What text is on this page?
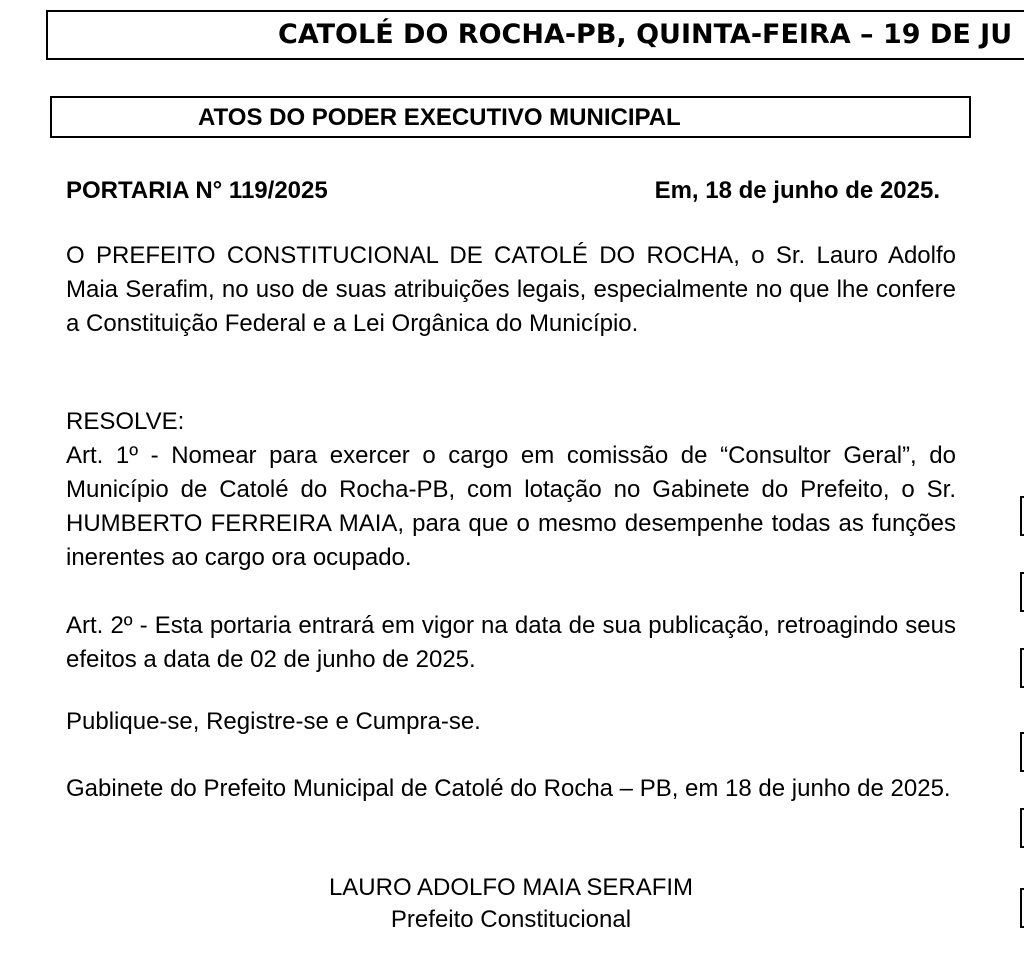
CATOLÉ DO ROCHA-PB, QUINTA-FEIRA – 19 DE JU
ATOS DO PODER EXECUTIVO MUNICIPAL
PORTARIA N° 119/2025	Em, 18 de junho de 2025.

O PREFEITO CONSTITUCIONAL DE CATOLÉ DO ROCHA, o Sr. Lauro Adolfo Maia Serafim, no uso de suas atribuições legais, especialmente no que lhe confere a Constituição Federal e a Lei Orgânica do Município.

RESOLVE:

Art. 1º - Nomear para exercer o cargo em comissão de “Consultor Geral”, do Município de Catolé do Rocha-PB, com lotação no Gabinete do Prefeito, o Sr. HUMBERTO FERREIRA MAIA, para que o mesmo desempenhe todas as funções inerentes ao cargo ora ocupado.

Art. 2º - Esta portaria entrará em vigor na data de sua publicação, retroagindo seus efeitos a data de 02 de junho de 2025.

Publique-se, Registre-se e Cumpra-se.

Gabinete do Prefeito Municipal de Catolé do Rocha – PB, em 18 de junho de 2025.

LAURO ADOLFO MAIA SERAFIM
Prefeito Constitucional
